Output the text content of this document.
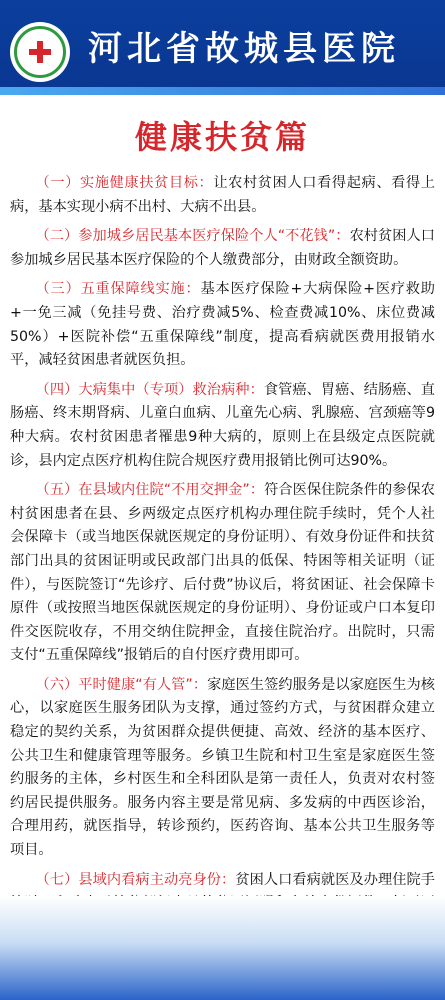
河北省故城县医院
健康扶贫篇

（一）实施健康扶贫目标：让农村贫困人口看得起病、看得上病，基本实现小病不出村、大病不出县。

（二）参加城乡居民基本医疗保险个人“不花钱”：农村贫困人口参加城乡居民基本医疗保险的个人缴费部分，由财政全额资助。

（三）五重保障线实施：基本医疗保险+大病保险+医疗救助+一免三减（免挂号费、治疗费减5%、检查费减10%、床位费减50%）+医院补偿“五重保障线”制度，提高看病就医费用报销水平，减轻贫困患者就医负担。

（四）大病集中（专项）救治病种：食管癌、胃癌、结肠癌、直肠癌、终末期肾病、儿童白血病、儿童先心病、乳腺癌、宫颈癌等9种大病。农村贫困患者罹患9种大病的，原则上在县级定点医院就诊，县内定点医疗机构住院合规医疗费用报销比例可达90%。

（五）在县域内住院“不用交押金”：符合医保住院条件的参保农村贫困患者在县、乡两级定点医疗机构办理住院手续时，凭个人社会保障卡（或当地医保就医规定的身份证明）、有效身份证件和扶贫部门出具的贫困证明或民政部门出具的低保、特困等相关证明（证件），与医院签订“先诊疗、后付费”协议后，将贫困证、社会保障卡原件（或按照当地医保就医规定的身份证明）、身份证或户口本复印件交医院收存，不用交纳住院押金，直接住院治疗。出院时，只需支付“五重保障线”报销后的自付医疗费用即可。

（六）平时健康“有人管”：家庭医生签约服务是以家庭医生为核心，以家庭医生服务团队为支撑，通过签约方式，与贫困群众建立稳定的契约关系，为贫困群众提供便捷、高效、经济的基本医疗、公共卫生和健康管理等服务。乡镇卫生院和村卫生室是家庭医生签约服务的主体，乡村医生和全科团队是第一责任人，负责对农村签约居民提供服务。服务内容主要是常见病、多发病的中西医诊治，合理用药，就医指导，转诊预约，医药咨询、基本公共卫生服务等项目。

（七）县域内看病主动亮身份：贫困人口看病就医及办理住院手
